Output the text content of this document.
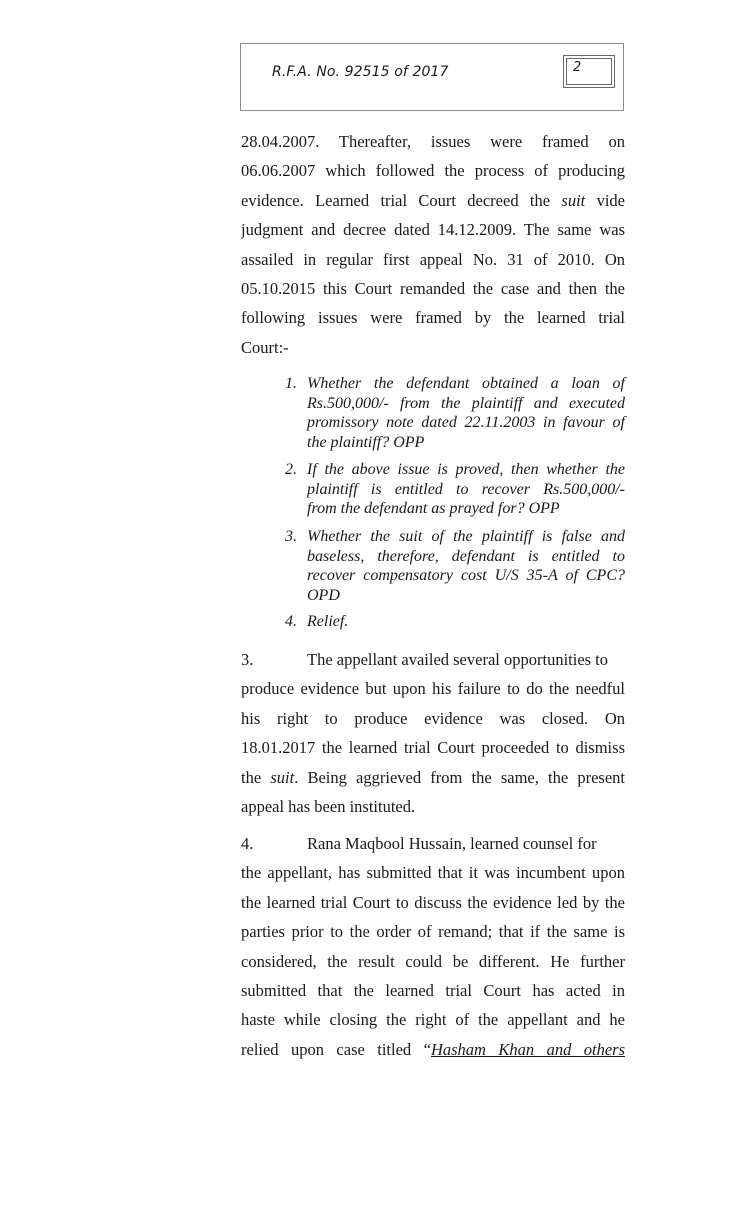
R.F.A. No. 92515 of 2017	2
28.04.2007. Thereafter, issues were framed on
06.06.2007 which followed the process of producing
evidence. Learned trial Court decreed the suit vide
judgment and decree dated 14.12.2009. The same was
assailed in regular first appeal No. 31 of 2010. On
05.10.2015 this Court remanded the case and then the
following issues were framed by the learned trial
Court:-
1. Whether the defendant obtained a loan of
Rs.500,000/- from the plaintiff and executed
promissory note dated 22.11.2003 in favour of
the plaintiff? OPP
2. If the above issue is proved, then whether the
plaintiff is entitled to recover Rs.500,000/-
from the defendant as prayed for? OPP
3. Whether the suit of the plaintiff is false and
baseless, therefore, defendant is entitled to
recover compensatory cost U/S 35-A of CPC?
OPD
4. Relief.
3.	The appellant availed several opportunities to
produce evidence but upon his failure to do the needful
his right to produce evidence was closed. On
18.01.2017 the learned trial Court proceeded to dismiss
the suit. Being aggrieved from the same, the present
appeal has been instituted.
4.	Rana Maqbool Hussain, learned counsel for
the appellant, has submitted that it was incumbent upon
the learned trial Court to discuss the evidence led by the
parties prior to the order of remand; that if the same is
considered, the result could be different. He further
submitted that the learned trial Court has acted in
haste while closing the right of the appellant and he
relied upon case titled “Hasham Khan and others
